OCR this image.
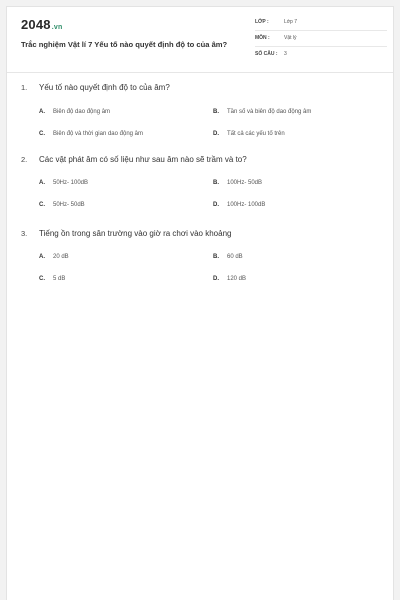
2048.vn
Trắc nghiệm Vật lí 7 Yếu tố nào quyết định độ to của âm?
LỚP :	Lớp 7
MÔN :	Vật lý
SỐ CÂU : 3
1. Yếu tố nào quyết định độ to của âm?
A. Biên độ dao động âm	B. Tần số và biên độ dao động âm
C. Biên độ và thời gian dao động âm	D. Tất cả các yếu tố trên
2. Các vật phát âm có số liệu như sau âm nào sẽ trầm và to?
A. 50Hz- 100dB	B. 100Hz- 50dB
C. 50Hz- 50dB	D. 100Hz- 100dB
3. Tiếng ồn trong sân trường vào giờ ra chơi vào khoảng
A. 20 dB	B. 60 dB
C. 5 dB	D. 120 dB
